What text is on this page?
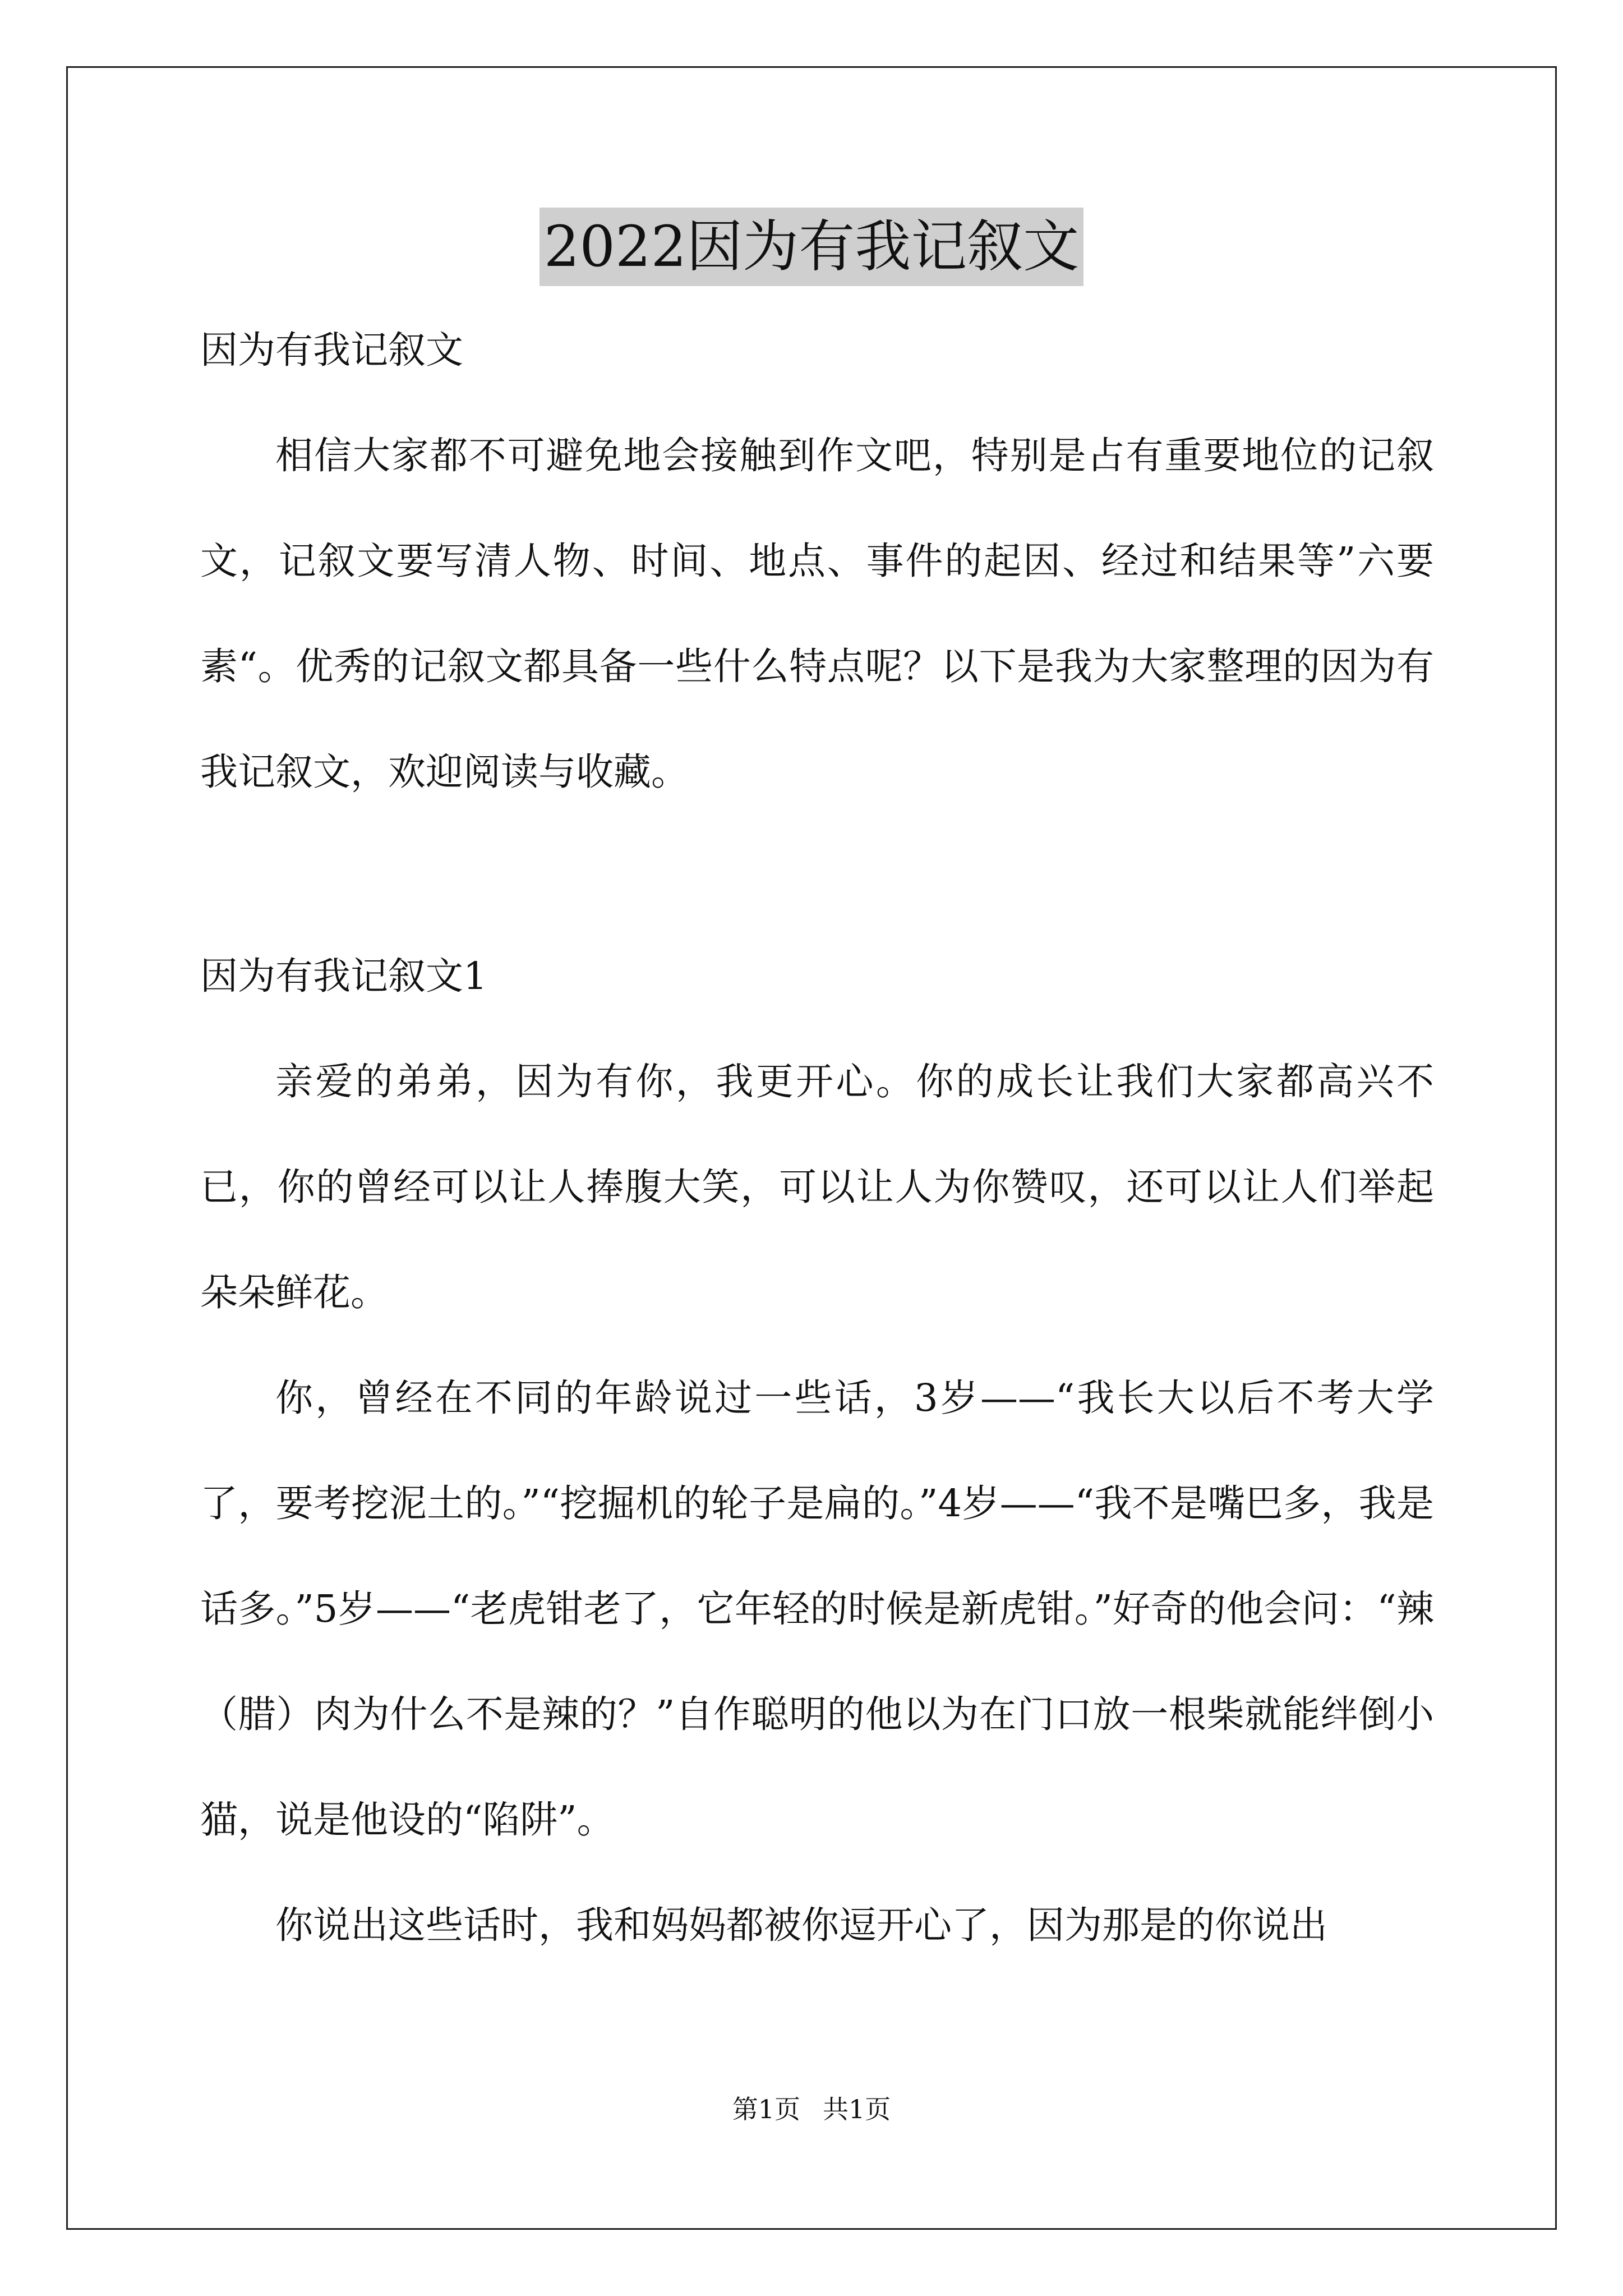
2022因为有我记叙文

因为有我记叙文

相信大家都不可避免地会接触到作文吧，特别是占有重要地位的记叙文，记叙文要写清人物、时间、地点、事件的起因、经过和结果等”六要素“。优秀的记叙文都具备一些什么特点呢？以下是我为大家整理的因为有我记叙文，欢迎阅读与收藏。

因为有我记叙文1

亲爱的弟弟，因为有你，我更开心。你的成长让我们大家都高兴不已，你的曾经可以让人捧腹大笑，可以让人为你赞叹，还可以让人们举起朵朵鲜花。

你，曾经在不同的年龄说过一些话，3岁——“我长大以后不考大学了，要考挖泥土的。”“挖掘机的轮子是扁的。”4岁——“我不是嘴巴多，我是话多。”5岁——“老虎钳老了，它年轻的时候是新虎钳。”好奇的他会问：“辣（腊）肉为什么不是辣的？”自作聪明的他以为在门口放一根柴就能绊倒小猫，说是他设的“陷阱”。

你说出这些话时，我和妈妈都被你逗开心了，因为那是的你说出

第1页 共1页
